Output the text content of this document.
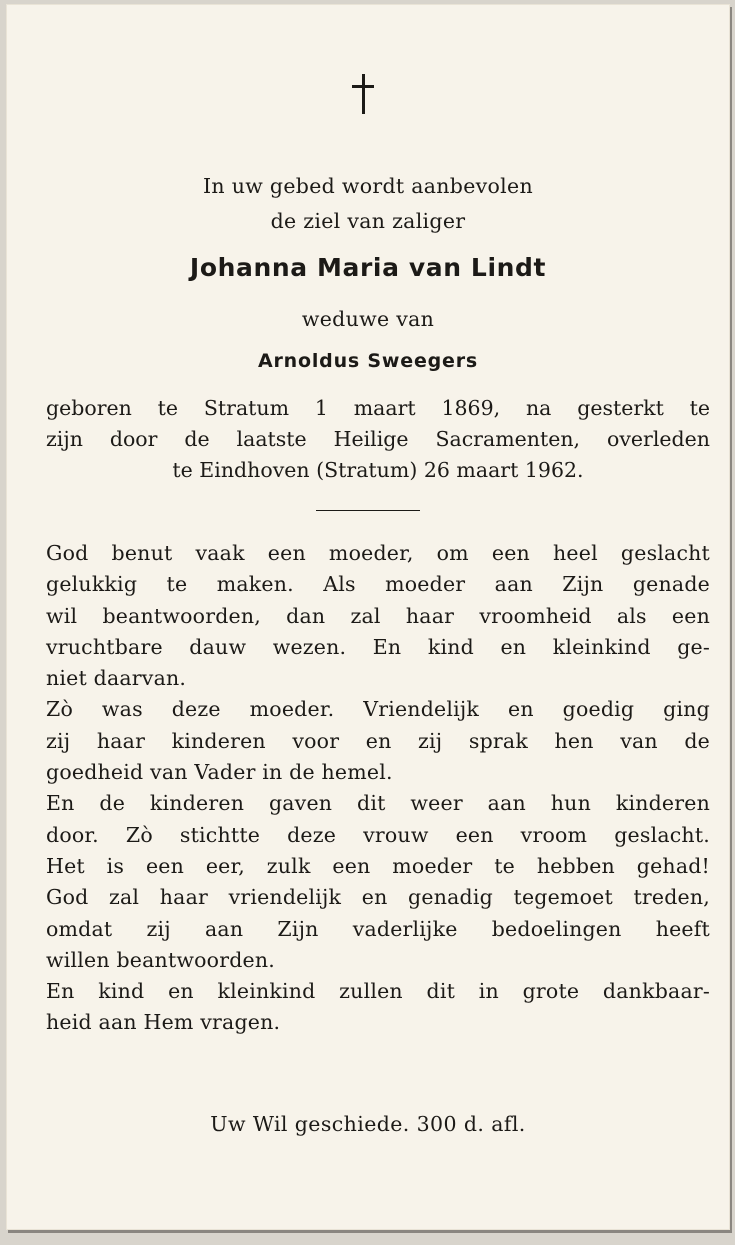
In uw gebed wordt aanbevolen
de ziel van zaliger
Johanna Maria van Lindt
weduwe van
Arnoldus Sweegers
geboren te Stratum 1 maart 1869, na gesterkt te
zijn door de laatste Heilige Sacramenten, overleden
te Eindhoven (Stratum) 26 maart 1962.
God benut vaak een moeder, om een heel geslacht
gelukkig te maken. Als moeder aan Zijn genade
wil beantwoorden, dan zal haar vroomheid als een
vruchtbare dauw wezen. En kind en kleinkind ge-
niet daarvan.
Zò was deze moeder. Vriendelijk en goedig ging
zij haar kinderen voor en zij sprak hen van de
goedheid van Vader in de hemel.
En de kinderen gaven dit weer aan hun kinderen
door. Zò stichtte deze vrouw een vroom geslacht.
Het is een eer, zulk een moeder te hebben gehad!
God zal haar vriendelijk en genadig tegemoet treden,
omdat zij aan Zijn vaderlijke bedoelingen heeft
willen beantwoorden.
En kind en kleinkind zullen dit in grote dankbaar-
heid aan Hem vragen.
Uw Wil geschiede. 300 d. afl.
